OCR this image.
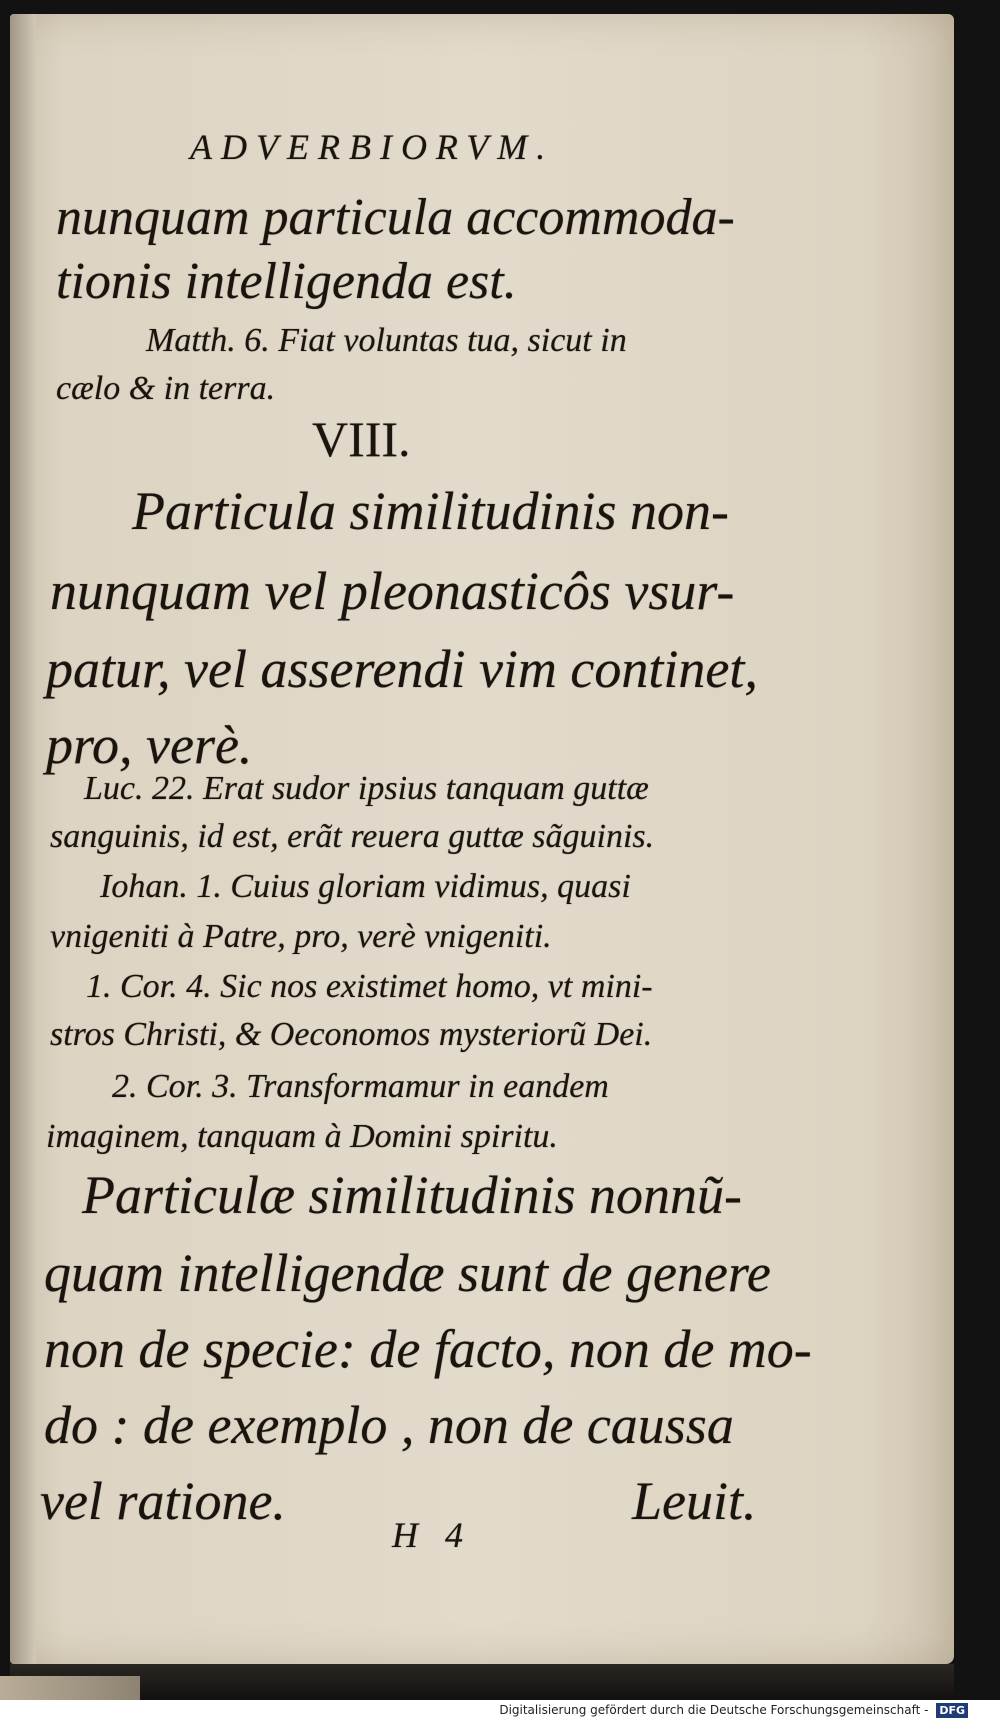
ADVERBIORVM.
nunquam particula accommoda-
tionis intelligenda est.
Matth. 6. Fiat voluntas tua, sicut in
cælo & in terra.
VIII.
Particula similitudinis non-
nunquam vel pleonasticôs vsur-
patur, vel asserendi vim continet,
pro, verè.
Luc. 22. Erat sudor ipsius tanquam guttæ
sanguinis, id est, erãt reuera guttæ sãguinis.
Iohan. 1. Cuius gloriam vidimus, quasi
vnigeniti à Patre, pro, verè vnigeniti.
1. Cor. 4. Sic nos existimet homo, vt mini-
stros Christi, & Oeconomos mysteriorũ Dei.
2. Cor. 3. Transformamur in eandem
imaginem, tanquam à Domini spiritu.
Particulæ similitudinis nonnũ-
quam intelligendæ sunt de genere
non de specie: de facto, non de mo-
do : de exemplo , non de caussa
vel ratione.	Leuit.
H   4
Digitalisierung gefördert durch die Deutsche Forschungsgemeinschaft - DFG
